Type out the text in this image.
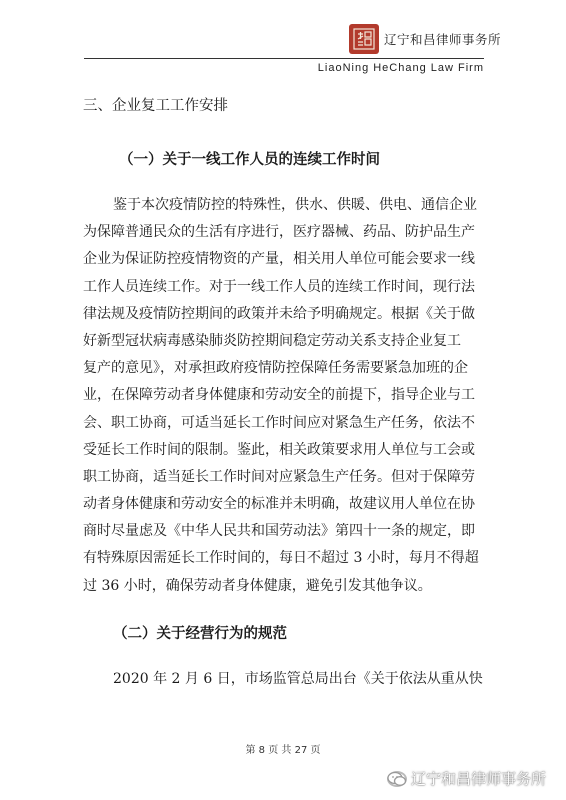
辽宁和昌律师事务所
LiaoNing HeChang Law Firm
三、企业复工工作安排
（一）关于一线工作人员的连续工作时间
鉴于本次疫情防控的特殊性，供水、供暖、供电、通信企业
为保障普通民众的生活有序进行，医疗器械、药品、防护品生产
企业为保证防控疫情物资的产量，相关用人单位可能会要求一线
工作人员连续工作。对于一线工作人员的连续工作时间，现行法
律法规及疫情防控期间的政策并未给予明确规定。根据《关于做
好新型冠状病毒感染肺炎防控期间稳定劳动关系支持企业复工
复产的意见》，对承担政府疫情防控保障任务需要紧急加班的企
业，在保障劳动者身体健康和劳动安全的前提下，指导企业与工
会、职工协商，可适当延长工作时间应对紧急生产任务，依法不
受延长工作时间的限制。鉴此，相关政策要求用人单位与工会或
职工协商，适当延长工作时间对应紧急生产任务。但对于保障劳
动者身体健康和劳动安全的标准并未明确，故建议用人单位在协
商时尽量虑及《中华人民共和国劳动法》第四十一条的规定，即
有特殊原因需延长工作时间的，每日不超过 3 小时，每月不得超
过 36 小时，确保劳动者身体健康，避免引发其他争议。
（二）关于经营行为的规范
2020 年 2 月 6 日，市场监管总局出台《关于依法从重从快
第 8 页 共 27 页
辽宁和昌律师事务所
